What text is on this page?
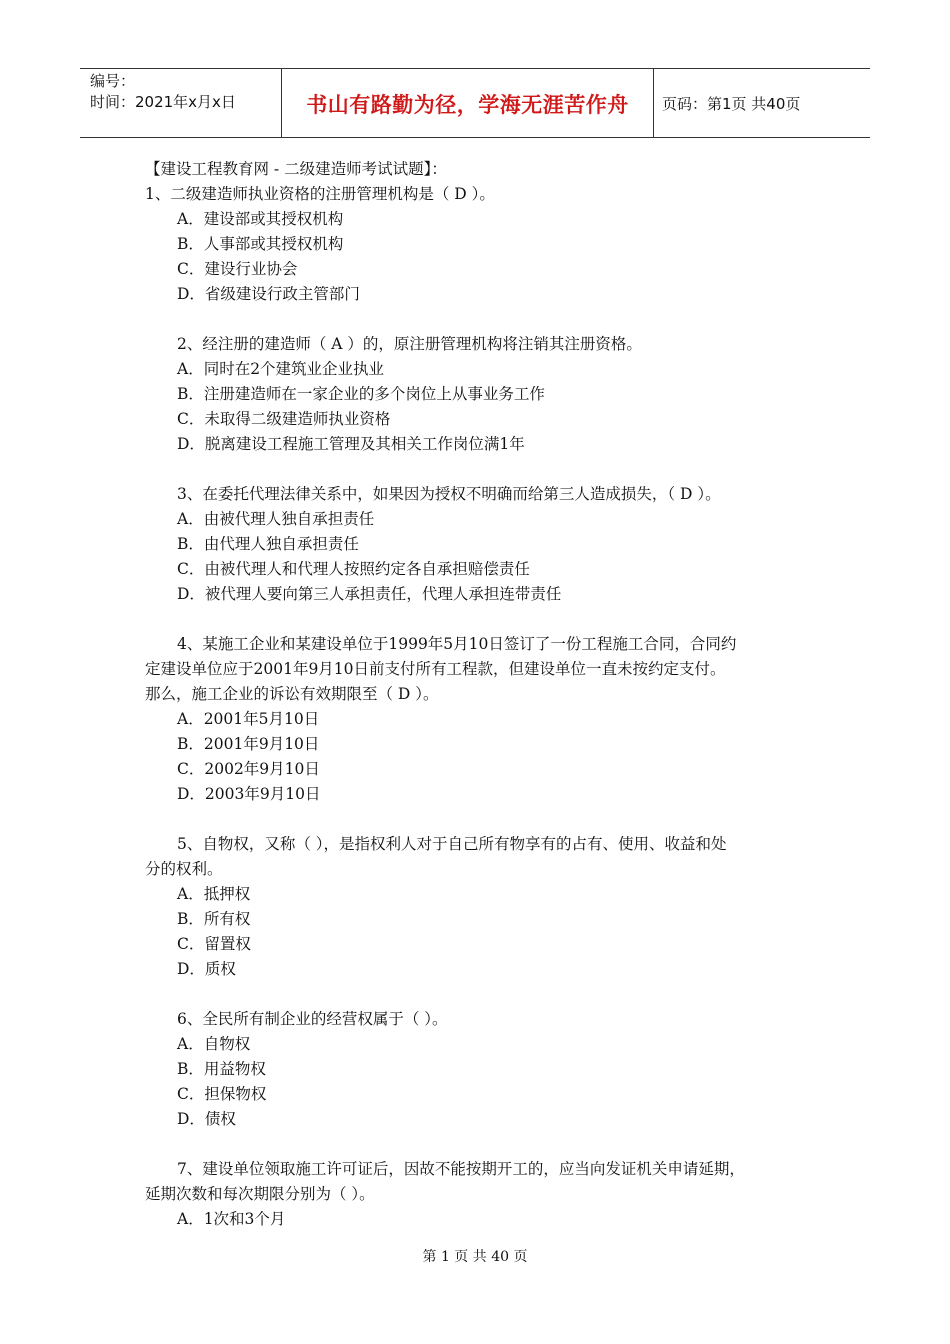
编号：
时间：2021年x月x日	书山有路勤为径，学海无涯苦作舟 页码：第1页 共40页
【建设工程教育网 - 二级建造师考试试题】：
1、二级建造师执业资格的注册管理机构是（ D ）。
A．建设部或其授权机构
B．人事部或其授权机构
C．建设行业协会
D．省级建设行政主管部门
2、经注册的建造师（ A ）的，原注册管理机构将注销其注册资格。
A．同时在2个建筑业企业执业
B．注册建造师在一家企业的多个岗位上从事业务工作
C．未取得二级建造师执业资格
D．脱离建设工程施工管理及其相关工作岗位满1年
3、在委托代理法律关系中，如果因为授权不明确而给第三人造成损失，（ D ）。
A．由被代理人独自承担责任
B．由代理人独自承担责任
C．由被代理人和代理人按照约定各自承担赔偿责任
D．被代理人要向第三人承担责任，代理人承担连带责任
4、某施工企业和某建设单位于1999年5月10日签订了一份工程施工合同，合同约
定建设单位应于2001年9月10日前支付所有工程款，但建设单位一直未按约定支付。
那么，施工企业的诉讼有效期限至（ D ）。
A．2001年5月10日
B．2001年9月10日
C．2002年9月10日
D．2003年9月10日
5、自物权，又称（ ），是指权利人对于自己所有物享有的占有、使用、收益和处
分的权利。
A．抵押权
B．所有权
C．留置权
D．质权
6、全民所有制企业的经营权属于（ ）。
A．自物权
B．用益物权
C．担保物权
D．债权
7、建设单位领取施工许可证后，因故不能按期开工的，应当向发证机关申请延期，
延期次数和每次期限分别为（ ）。
A．1次和3个月
第 1 页 共 40 页
